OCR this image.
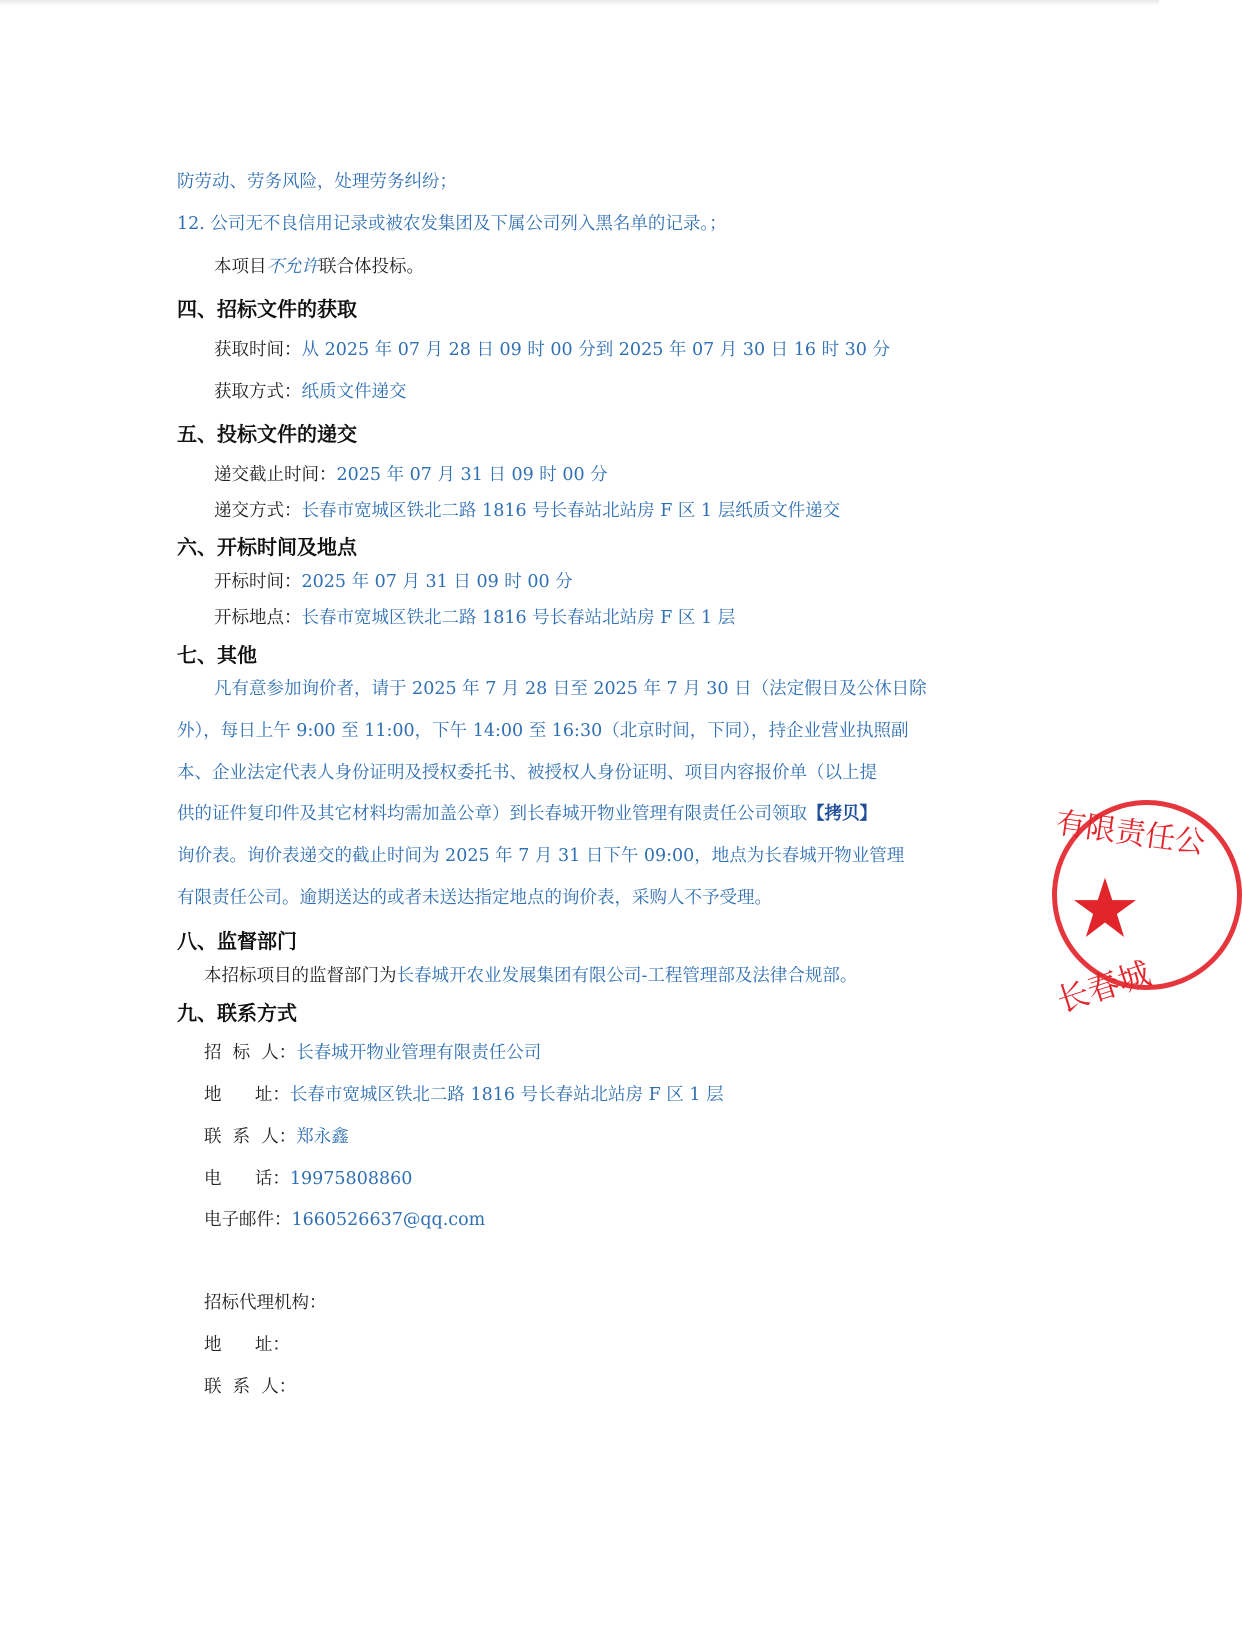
防劳动、劳务风险，处理劳务纠纷；
12. 公司无不良信用记录或被农发集团及下属公司列入黑名单的记录。；
本项目不允许联合体投标。
四、招标文件的获取
获取时间：从 2025 年 07 月 28 日 09 时 00 分到 2025 年 07 月 30 日 16 时 30 分
获取方式：纸质文件递交
五、投标文件的递交
递交截止时间：2025 年 07 月 31 日 09 时 00 分
递交方式：长春市宽城区铁北二路 1816 号长春站北站房 F 区 1 层纸质文件递交
六、开标时间及地点
开标时间：2025 年 07 月 31 日 09 时 00 分
开标地点：长春市宽城区铁北二路 1816 号长春站北站房 F 区 1 层
七、其他
凡有意参加询价者，请于 2025 年 7 月 28 日至 2025 年 7 月 30 日（法定假日及公休日除
外），每日上午 9:00 至 11:00，下午 14:00 至 16:30（北京时间，下同），持企业营业执照副
本、企业法定代表人身份证明及授权委托书、被授权人身份证明、项目内容报价单（以上提
供的证件复印件及其它材料均需加盖公章）到长春城开物业管理有限责任公司领取【拷贝】
询价表。询价表递交的截止时间为 2025 年 7 月 31 日下午 09:00，地点为长春城开物业管理
有限责任公司。逾期送达的或者未送达指定地点的询价表，采购人不予受理。
八、监督部门
本招标项目的监督部门为长春城开农业发展集团有限公司-工程管理部及法律合规部。
九、联系方式
招  标  人：长春城开物业管理有限责任公司
地      址：长春市宽城区铁北二路 1816 号长春站北站房 F 区 1 层
联  系  人：郑永鑫
电      话：19975808860
电子邮件：1660526637@qq.com
招标代理机构：
地      址：
联  系  人：
有限责任公
长春城
